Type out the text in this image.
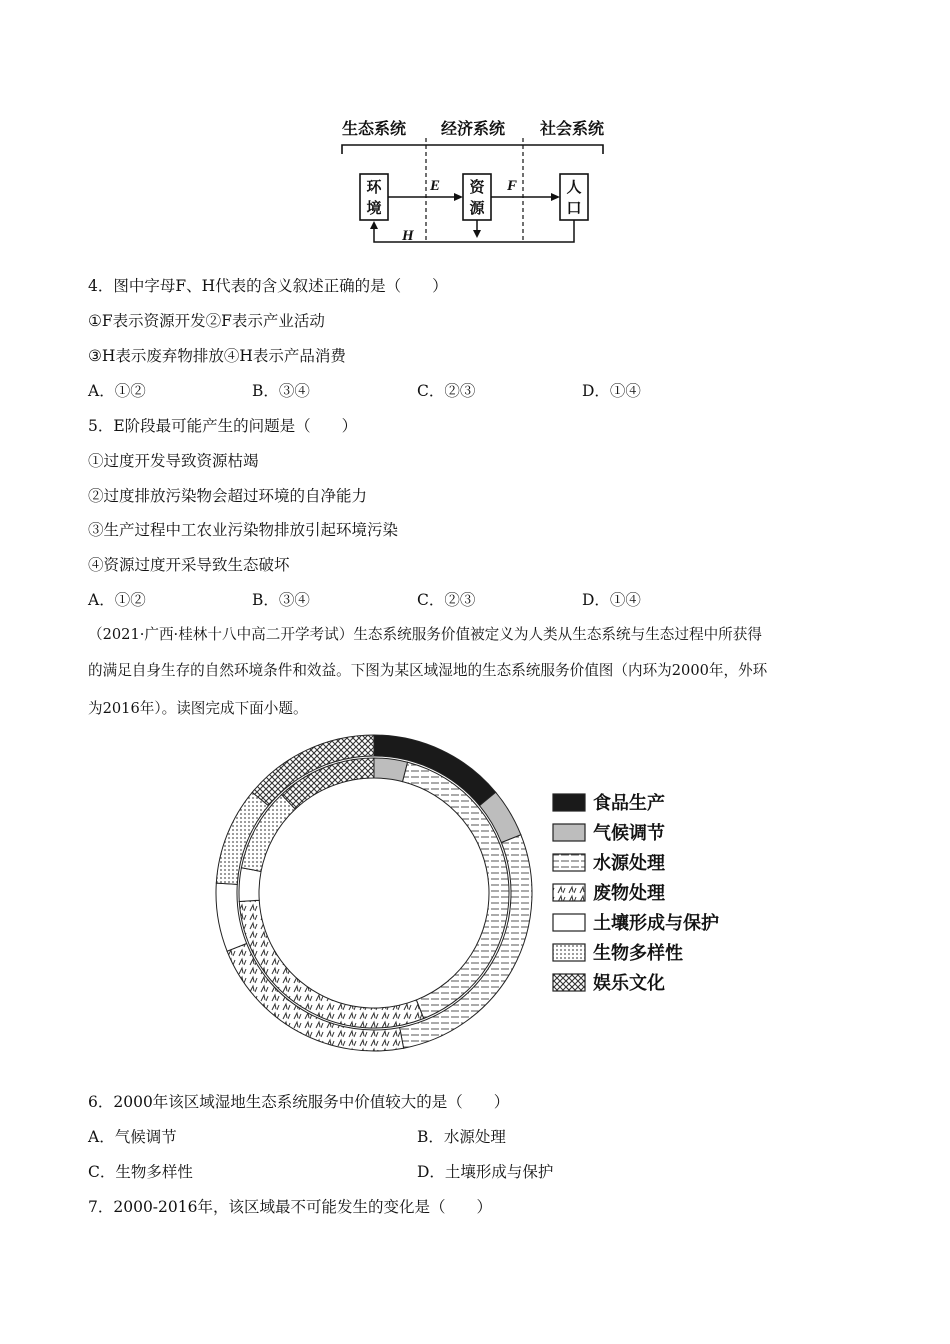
生态系统 经济系统 社会系统
环
境
资
源
人
口
E	F
H
4．图中字母F、H代表的含义叙述正确的是（　　）
①F表示资源开发②F表示产业活动
③H表示废弃物排放④H表示产品消费
A．①②	B．③④	C．②③	D．①④
5．E阶段最可能产生的问题是（　　）
①过度开发导致资源枯竭
②过度排放污染物会超过环境的自净能力
③生产过程中工农业污染物排放引起环境污染
④资源过度开采导致生态破坏
A．①②	B．③④	C．②③	D．①④
（2021·广西·桂林十八中高二开学考试）生态系统服务价值被定义为人类从生态系统与生态过程中所获得
的满足自身生存的自然环境条件和效益。下图为某区域湿地的生态系统服务价值图（内环为2000年，外环
为2016年）。读图完成下面小题。
食品生产
气候调节
水源处理
废物处理
土壤形成与保护
生物多样性
娱乐文化
6．2000年该区域湿地生态系统服务中价值较大的是（　　）
A．气候调节	B．水源处理
C．生物多样性	D．土壤形成与保护
7．2000-2016年，该区域最不可能发生的变化是（　　）
